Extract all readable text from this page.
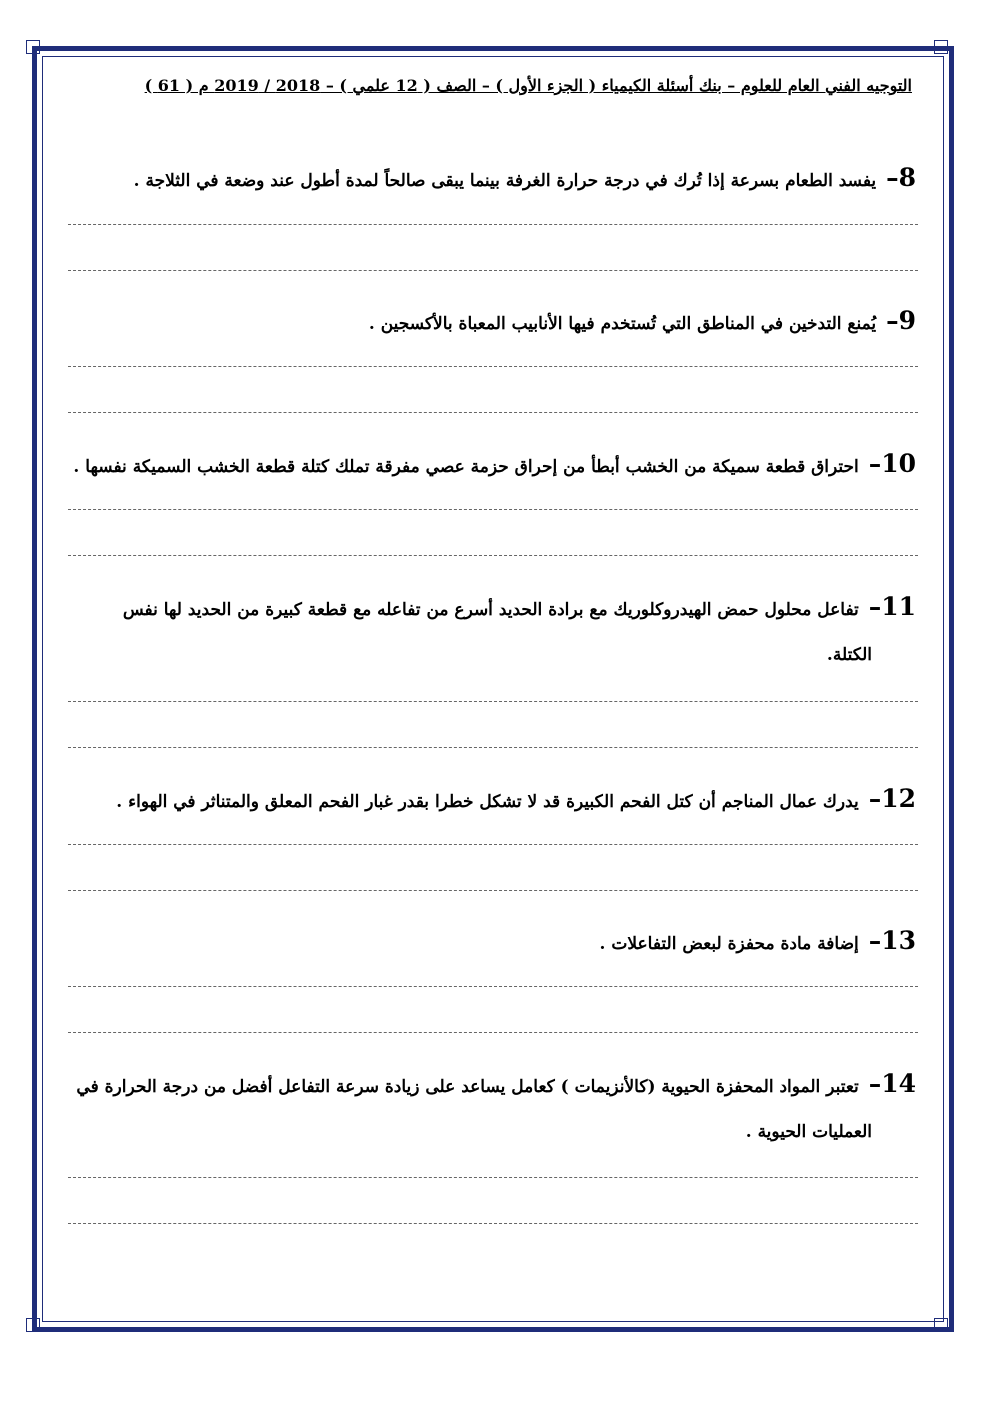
التوجيه الفني العام للعلوم – بنك أسئلة الكيمياء ( الجزء الأول ) – الصف ( 12 علمي ) – 2018 / 2019 م ( 61 )
8– يفسد الطعام بسرعة إذا تُرك في درجة حرارة الغرفة بينما يبقى صالحاً لمدة أطول عند وضعة في الثلاجة .
9– يُمنع التدخين في المناطق التي تُستخدم فيها الأنابيب المعباة بالأكسجين .
10– احتراق قطعة سميكة من الخشب أبطأ من إحراق حزمة عصي مفرقة تملك كتلة قطعة الخشب السميكة نفسها .
11– تفاعل محلول حمض الهيدروكلوريك مع برادة الحديد أسرع من تفاعله مع قطعة كبيرة من الحديد لها نفس
الكتلة.
12– يدرك عمال المناجم أن كتل الفحم الكبيرة قد لا تشكل خطرا بقدر غبار الفحم المعلق والمتناثر في الهواء .
13– إضافة مادة محفزة لبعض التفاعلات .
14– تعتبر المواد المحفزة الحيوية (كالأنزيمات ) كعامل يساعد على زيادة سرعة التفاعل أفضل من درجة الحرارة في
العمليات الحيوية .
